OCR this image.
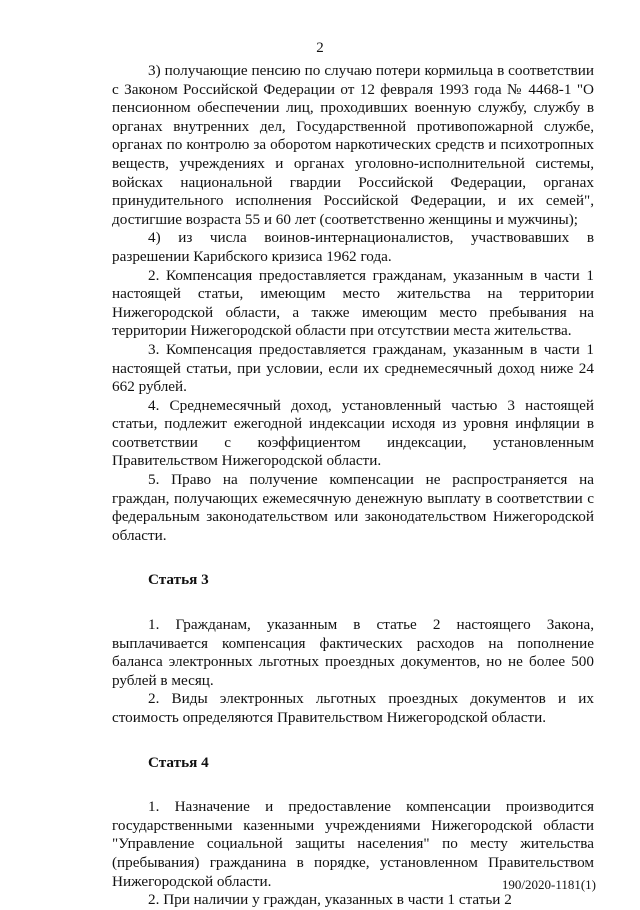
2

3) получающие пенсию по случаю потери кормильца в соответствии с Законом Российской Федерации от 12 февраля 1993 года № 4468-1 "О пенсионном обеспечении лиц, проходивших военную службу, службу в органах внутренних дел, Государственной противопожарной службе, органах по контролю за оборотом наркотических средств и психотропных веществ, учреждениях и органах уголовно-исполнительной системы, войсках национальной гвардии Российской Федерации, органах принудительного исполнения Российской Федерации, и их семей", достигшие возраста 55 и 60 лет (соответственно женщины и мужчины);

4) из числа воинов-интернационалистов, участвовавших в разрешении Карибского кризиса 1962 года.

2. Компенсация предоставляется гражданам, указанным в части 1 настоящей статьи, имеющим место жительства на территории Нижегородской области, а также имеющим место пребывания на территории Нижегородской области при отсутствии места жительства.

3. Компенсация предоставляется гражданам, указанным в части 1 настоящей статьи, при условии, если их среднемесячный доход ниже 24 662 рублей.

4. Среднемесячный доход, установленный частью 3 настоящей статьи, подлежит ежегодной индексации исходя из уровня инфляции в соответствии с коэффициентом индексации, установленным Правительством Нижегородской области.

5. Право на получение компенсации не распространяется на граждан, получающих ежемесячную денежную выплату в соответствии с федеральным законодательством или законодательством Нижегородской области.

Статья 3

1. Гражданам, указанным в статье 2 настоящего Закона, выплачивается компенсация фактических расходов на пополнение баланса электронных льготных проездных документов, но не более 500 рублей в месяц.

2. Виды электронных льготных проездных документов и их стоимость определяются Правительством Нижегородской области.

Статья 4

1. Назначение и предоставление компенсации производится государственными казенными учреждениями Нижегородской области "Управление социальной защиты населения" по месту жительства (пребывания) гражданина в порядке, установленном Правительством Нижегородской области.

2. При наличии у граждан, указанных в части 1 статьи 2

190/2020-1181(1)
